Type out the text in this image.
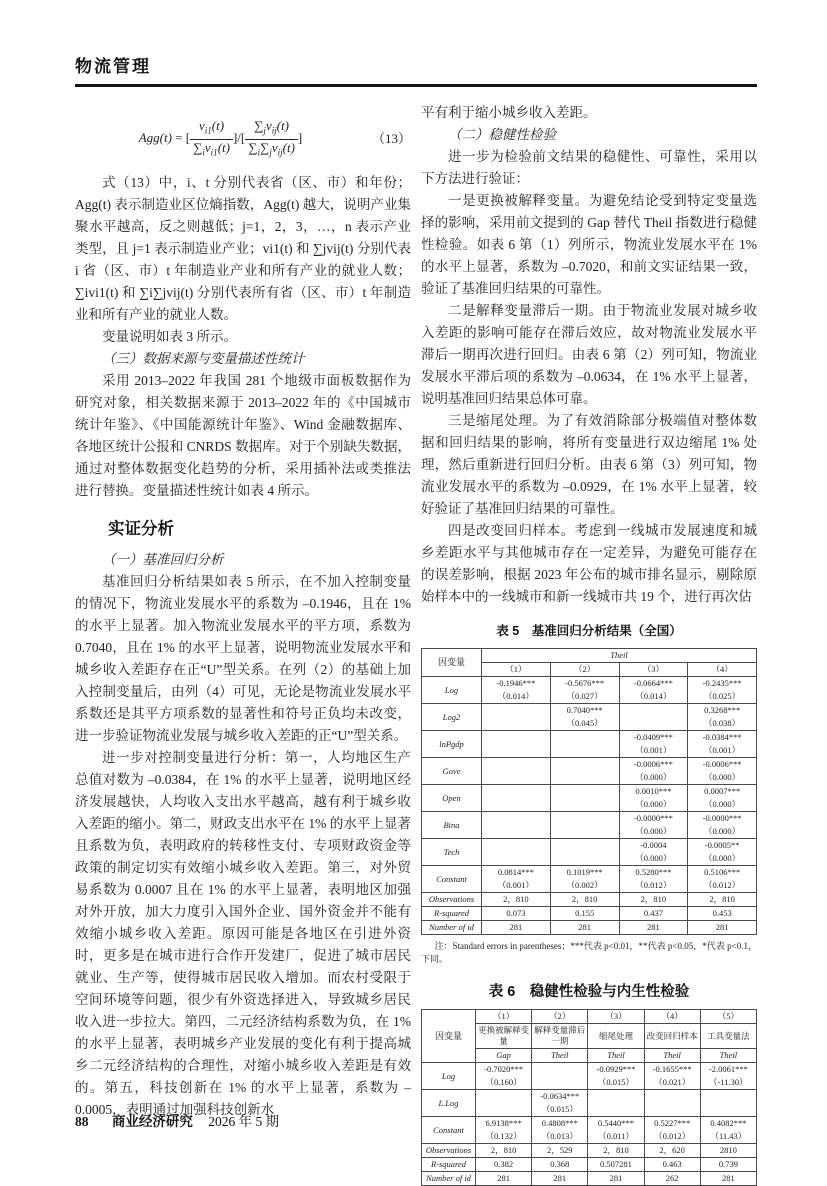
物流管理
Agg(t) = [ $\frac{v_{i1}(t)}{\sum_iv_{i1}(t)}$ ]/[ $\frac{\sum_jv_{ij}(t)}{\sum_i\sum_jv_{ij}(t)}$ ]	（13）

式（13）中，i、t 分别代表省（区、市）和年份；Agg(t) 表示制造业区位熵指数，Agg(t) 越大，说明产业集聚水平越高，反之则越低；j=1，2，3，…，n 表示产业类型，且 j=1 表示制造业产业；vi1(t) 和 ∑jvij(t) 分别代表 i 省（区、市）t 年制造业产业和所有产业的就业人数；∑ivi1(t) 和 ∑i∑jvij(t) 分别代表所有省（区、市）t 年制造业和所有产业的就业人数。

变量说明如表 3 所示。

（三）数据来源与变量描述性统计

采用 2013–2022 年我国 281 个地级市面板数据作为研究对象，相关数据来源于 2013–2022 年的《中国城市统计年鉴》、《中国能源统计年鉴》、Wind 金融数据库、各地区统计公报和 CNRDS 数据库。对于个别缺失数据，通过对整体数据变化趋势的分析，采用插补法或类推法进行替换。变量描述性统计如表 4 所示。

实证分析

（一）基准回归分析

基准回归分析结果如表 5 所示，在不加入控制变量的情况下，物流业发展水平的系数为 –0.1946，且在 1% 的水平上显著。加入物流业发展水平的平方项，系数为 0.7040，且在 1% 的水平上显著，说明物流业发展水平和城乡收入差距存在正“U”型关系。在列（2）的基础上加入控制变量后，由列（4）可见，无论是物流业发展水平系数还是其平方项系数的显著性和符号正负均未改变，进一步验证物流业发展与城乡收入差距的正“U”型关系。

进一步对控制变量进行分析：第一，人均地区生产总值对数为 –0.0384，在 1% 的水平上显著，说明地区经济发展越快，人均收入支出水平越高，越有利于城乡收入差距的缩小。第二，财政支出水平在 1% 的水平上显著且系数为负，表明政府的转移性支付、专项财政资金等政策的制定切实有效缩小城乡收入差距。第三，对外贸易系数为 0.0007 且在 1% 的水平上显著，表明地区加强对外开放，加大力度引入国外企业、国外资金并不能有效缩小城乡收入差距。原因可能是各地区在引进外资时，更多是在城市进行合作开发建厂，促进了城市居民就业、生产等，使得城市居民收入增加。而农村受限于空间环境等问题，很少有外资选择进入，导致城乡居民收入进一步拉大。第四，二元经济结构系数为负，在 1% 的水平上显著，表明城乡产业发展的变化有利于提高城乡二元经济结构的合理性，对缩小城乡收入差距是有效的。第五，科技创新在 1% 的水平上显著，系数为 –0.0005，表明通过加强科技创新水

平有利于缩小城乡收入差距。

（二）稳健性检验

进一步为检验前文结果的稳健性、可靠性，采用以下方法进行验证：

一是更换被解释变量。为避免结论受到特定变量选择的影响，采用前文提到的 Gap 替代 Theil 指数进行稳健性检验。如表 6 第（1）列所示，物流业发展水平在 1% 的水平上显著，系数为 –0.7020，和前文实证结果一致，验证了基准回归结果的可靠性。

二是解释变量滞后一期。由于物流业发展对城乡收入差距的影响可能存在滞后效应，故对物流业发展水平滞后一期再次进行回归。由表 6 第（2）列可知，物流业发展水平滞后项的系数为 –0.0634，在 1% 水平上显著，说明基准回归结果总体可靠。

三是缩尾处理。为了有效消除部分极端值对整体数据和回归结果的影响，将所有变量进行双边缩尾 1% 处理，然后重新进行回归分析。由表 6 第（3）列可知，物流业发展水平的系数为 –0.0929，在 1% 水平上显著，较好验证了基准回归结果的可靠性。

四是改变回归样本。考虑到一线城市发展速度和城乡差距水平与其他城市存在一定差异，为避免可能存在的误差影响，根据 2023 年公布的城市排名显示，剔除原始样本中的一线城市和新一线城市共 19 个，进行再次估

表 5　基准回归分析结果（全国）
因变量	Theil			
	（1）	（2）	（3）	（4）
Log	-0.1946***	-0.5676***	-0.0664***	-0.2435***
	（0.014）	（0.027）	（0.014）	（0.025）
Log2		0.7040***		0.3268***
		（0.045）		（0.038）
lnPgdp			-0.0409***	-0.0384***
			（0.001）	（0.001）
Gove			-0.0006***	-0.0006***
			（0.000）	（0.000）
Open			0.0010***	0.0007***
			（0.000）	（0.000）
Bina			-0.0000***	-0.0000***
			（0.000）	（0.000）
Tech			-0.0004	-0.0005**
			（0.000）	（0.000）
Constant	0.0814***	0.1019***	0.5280***	0.5106***
	（0.001）	（0.002）	（0.012）	（0.012）
Observations	2，810	2，810	2，810	2，810
R-squared	0.073	0.155	0.437	0.453
Number of id	281	281	281	281
注：Standard errors in parentheses；***代表 p<0.01，**代表 p<0.05，*代表 p<0.1，下同。
表 6　稳健性检验与内生性检验
因变量	（1）	（2）	（3）	（4）	（5）
	更换被解释变量	解释变量滞后一期	缩尾处理	改变回归样本	工具变量法
	Gap	Theil	Theil	Theil	Theil
Log	-0.7020***		-0.0929***	-0.1655***	-2.0061***
	（0.160）		（0.015）	（0.021）	（-11.30）
L.Log		-0.0634***			
		（0.015）			
Constant	6.9138***	0.4808***	0.5440***	0.5227***	0.4082***
	（0.132）	（0.013）	（0.011）	（0.012）	（11.43）
Observations	2，810	2，529	2，810	2，620	2810
R-squared	0.382	0.368	0.507281	0.463	0.739
Number of id	281	281	281	262	281
88 商业经济研究 2026 年 5 期
